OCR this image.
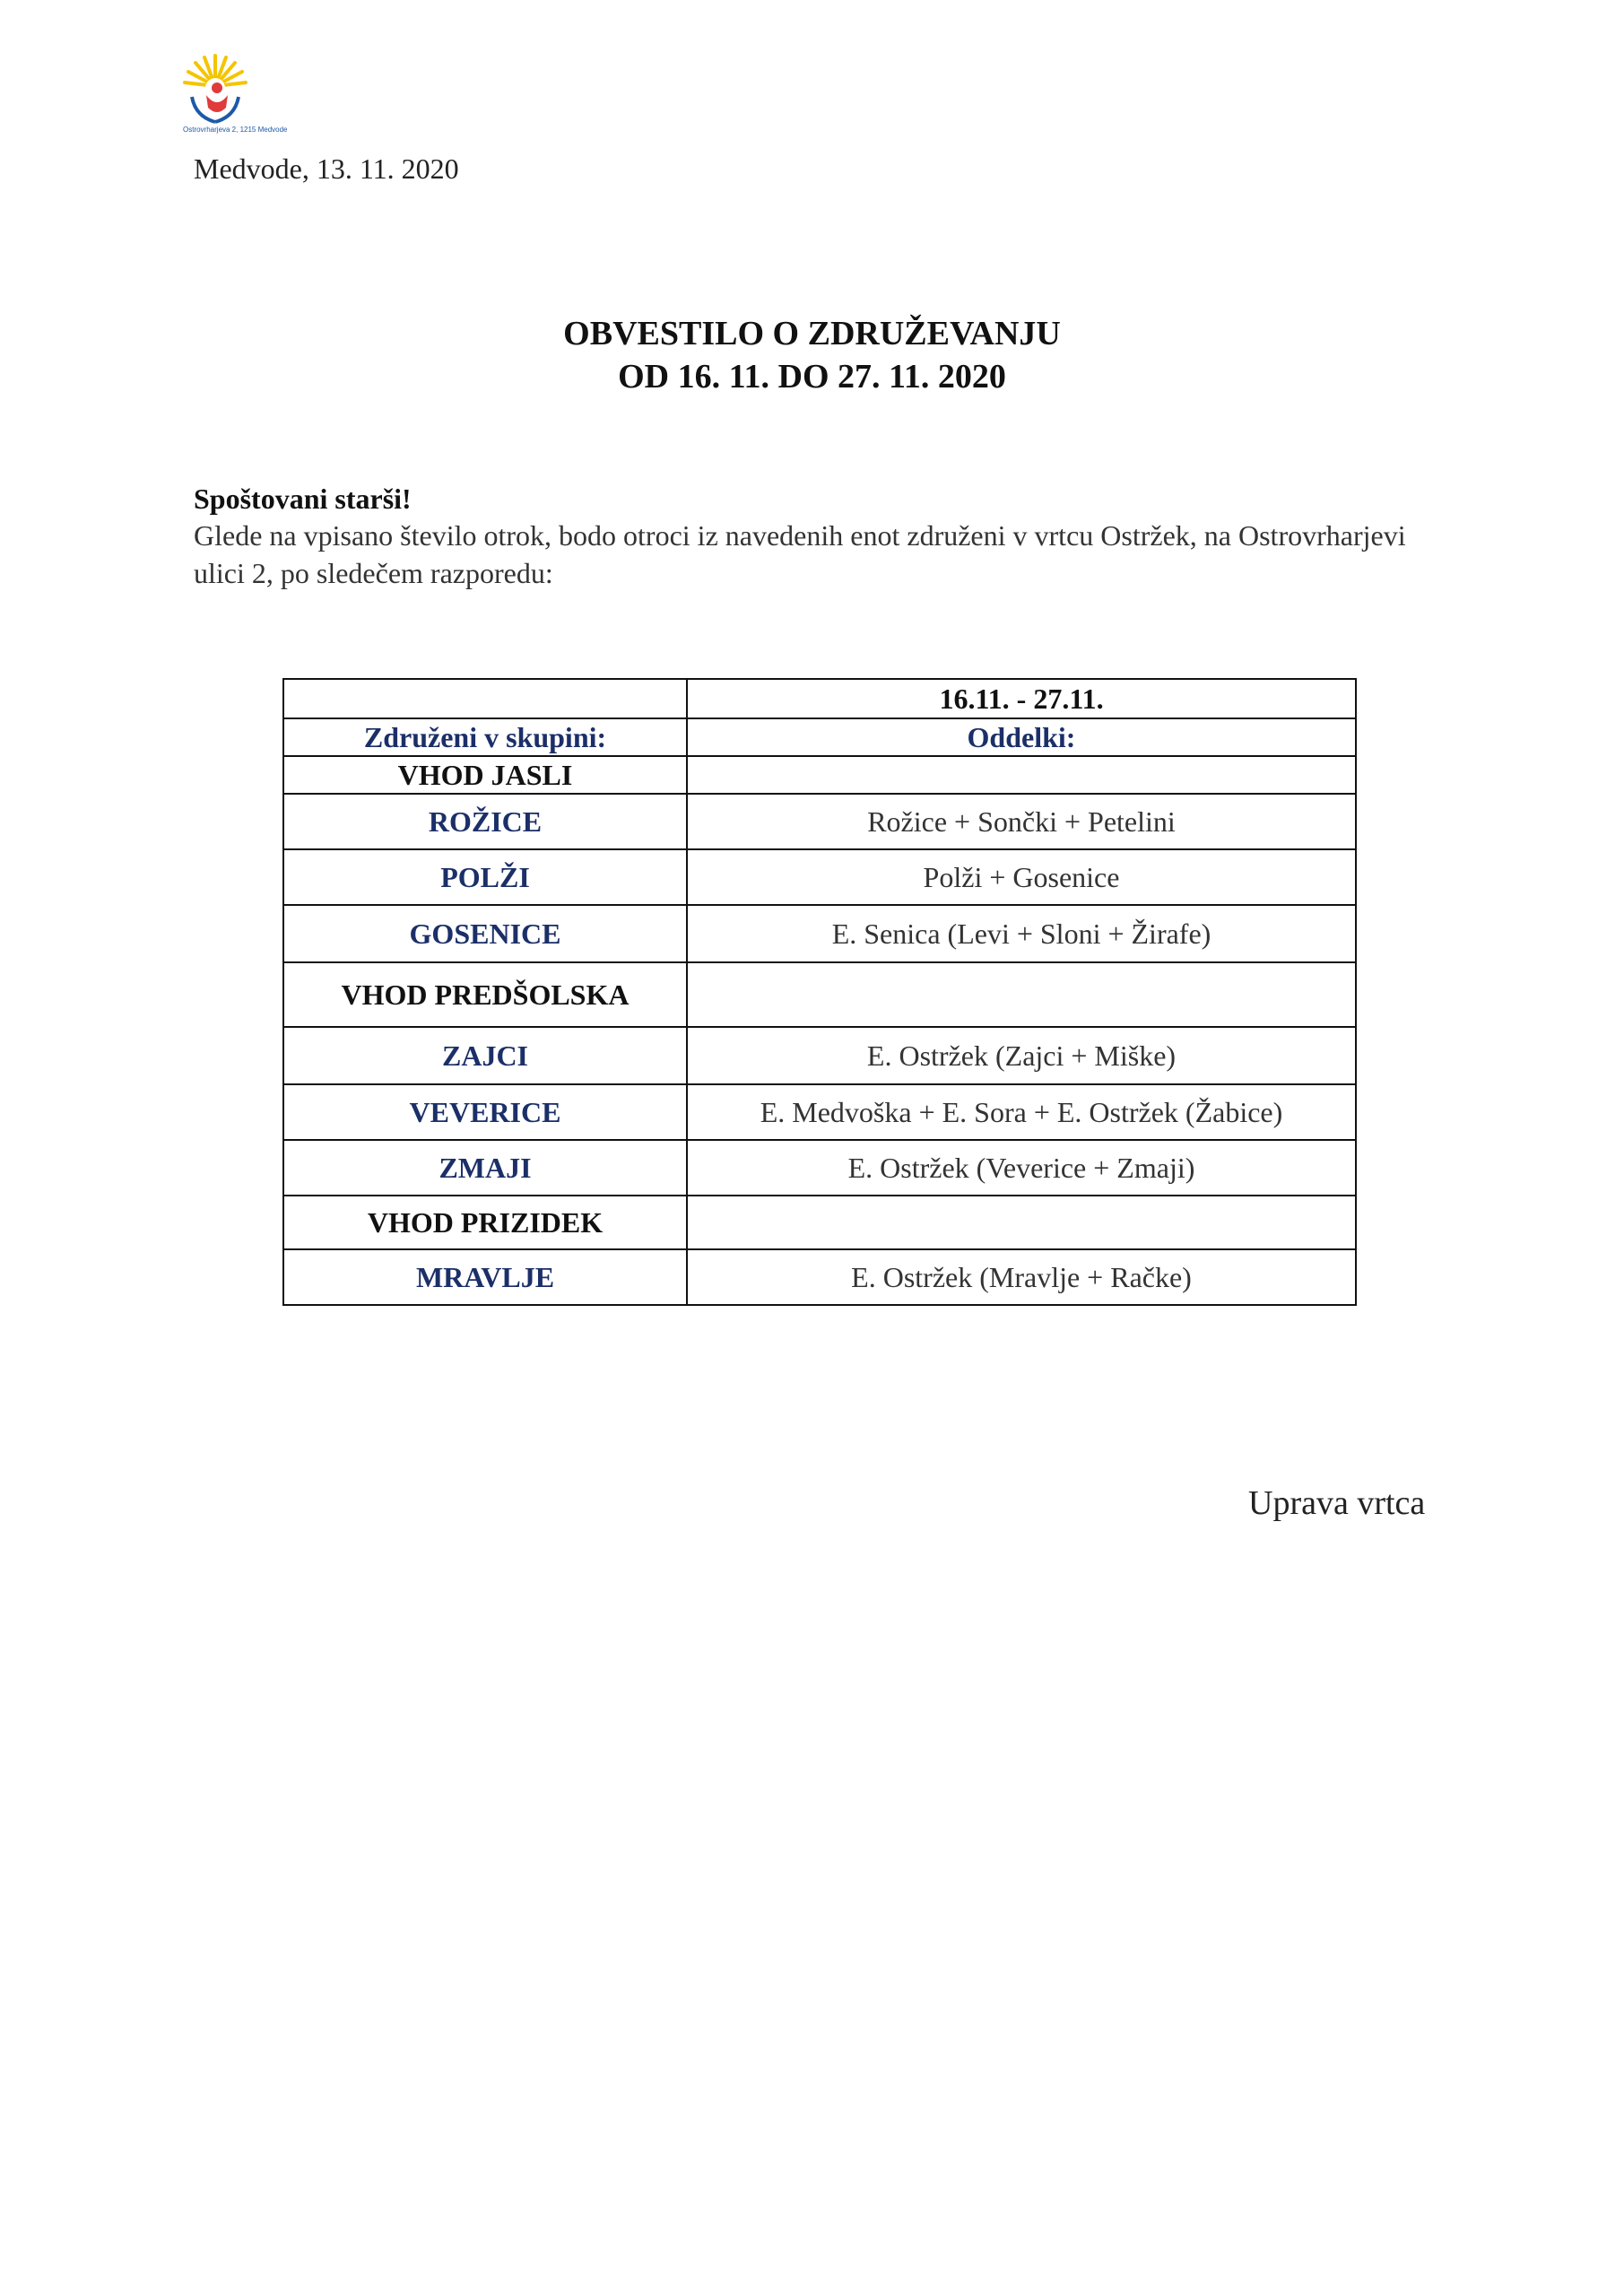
Ostrovrharjeva 2, 1215 Medvode
Medvode, 13. 11. 2020
OBVESTILO O ZDRUŽEVANJU
OD 16. 11. DO 27. 11. 2020
Spoštovani starši!
Glede na vpisano število otrok, bodo otroci iz navedenih enot združeni v vrtcu Ostržek, na Ostrovrharjevi ulici 2, po sledečem razporedu:
	16.11. - 27.11.
Združeni v skupini:	Oddelki:
VHOD JASLI	
ROŽICE	Rožice + Sončki + Petelini
POLŽI	Polži + Gosenice
GOSENICE	E. Senica (Levi + Sloni + Žirafe)
VHOD PREDŠOLSKA	
ZAJCI	E. Ostržek (Zajci + Miške)
VEVERICE	E. Medvoška + E. Sora + E. Ostržek (Žabice)
ZMAJI	E. Ostržek (Veverice + Zmaji)
VHOD PRIZIDEK	
MRAVLJE	E. Ostržek (Mravlje + Račke)
Uprava vrtca
